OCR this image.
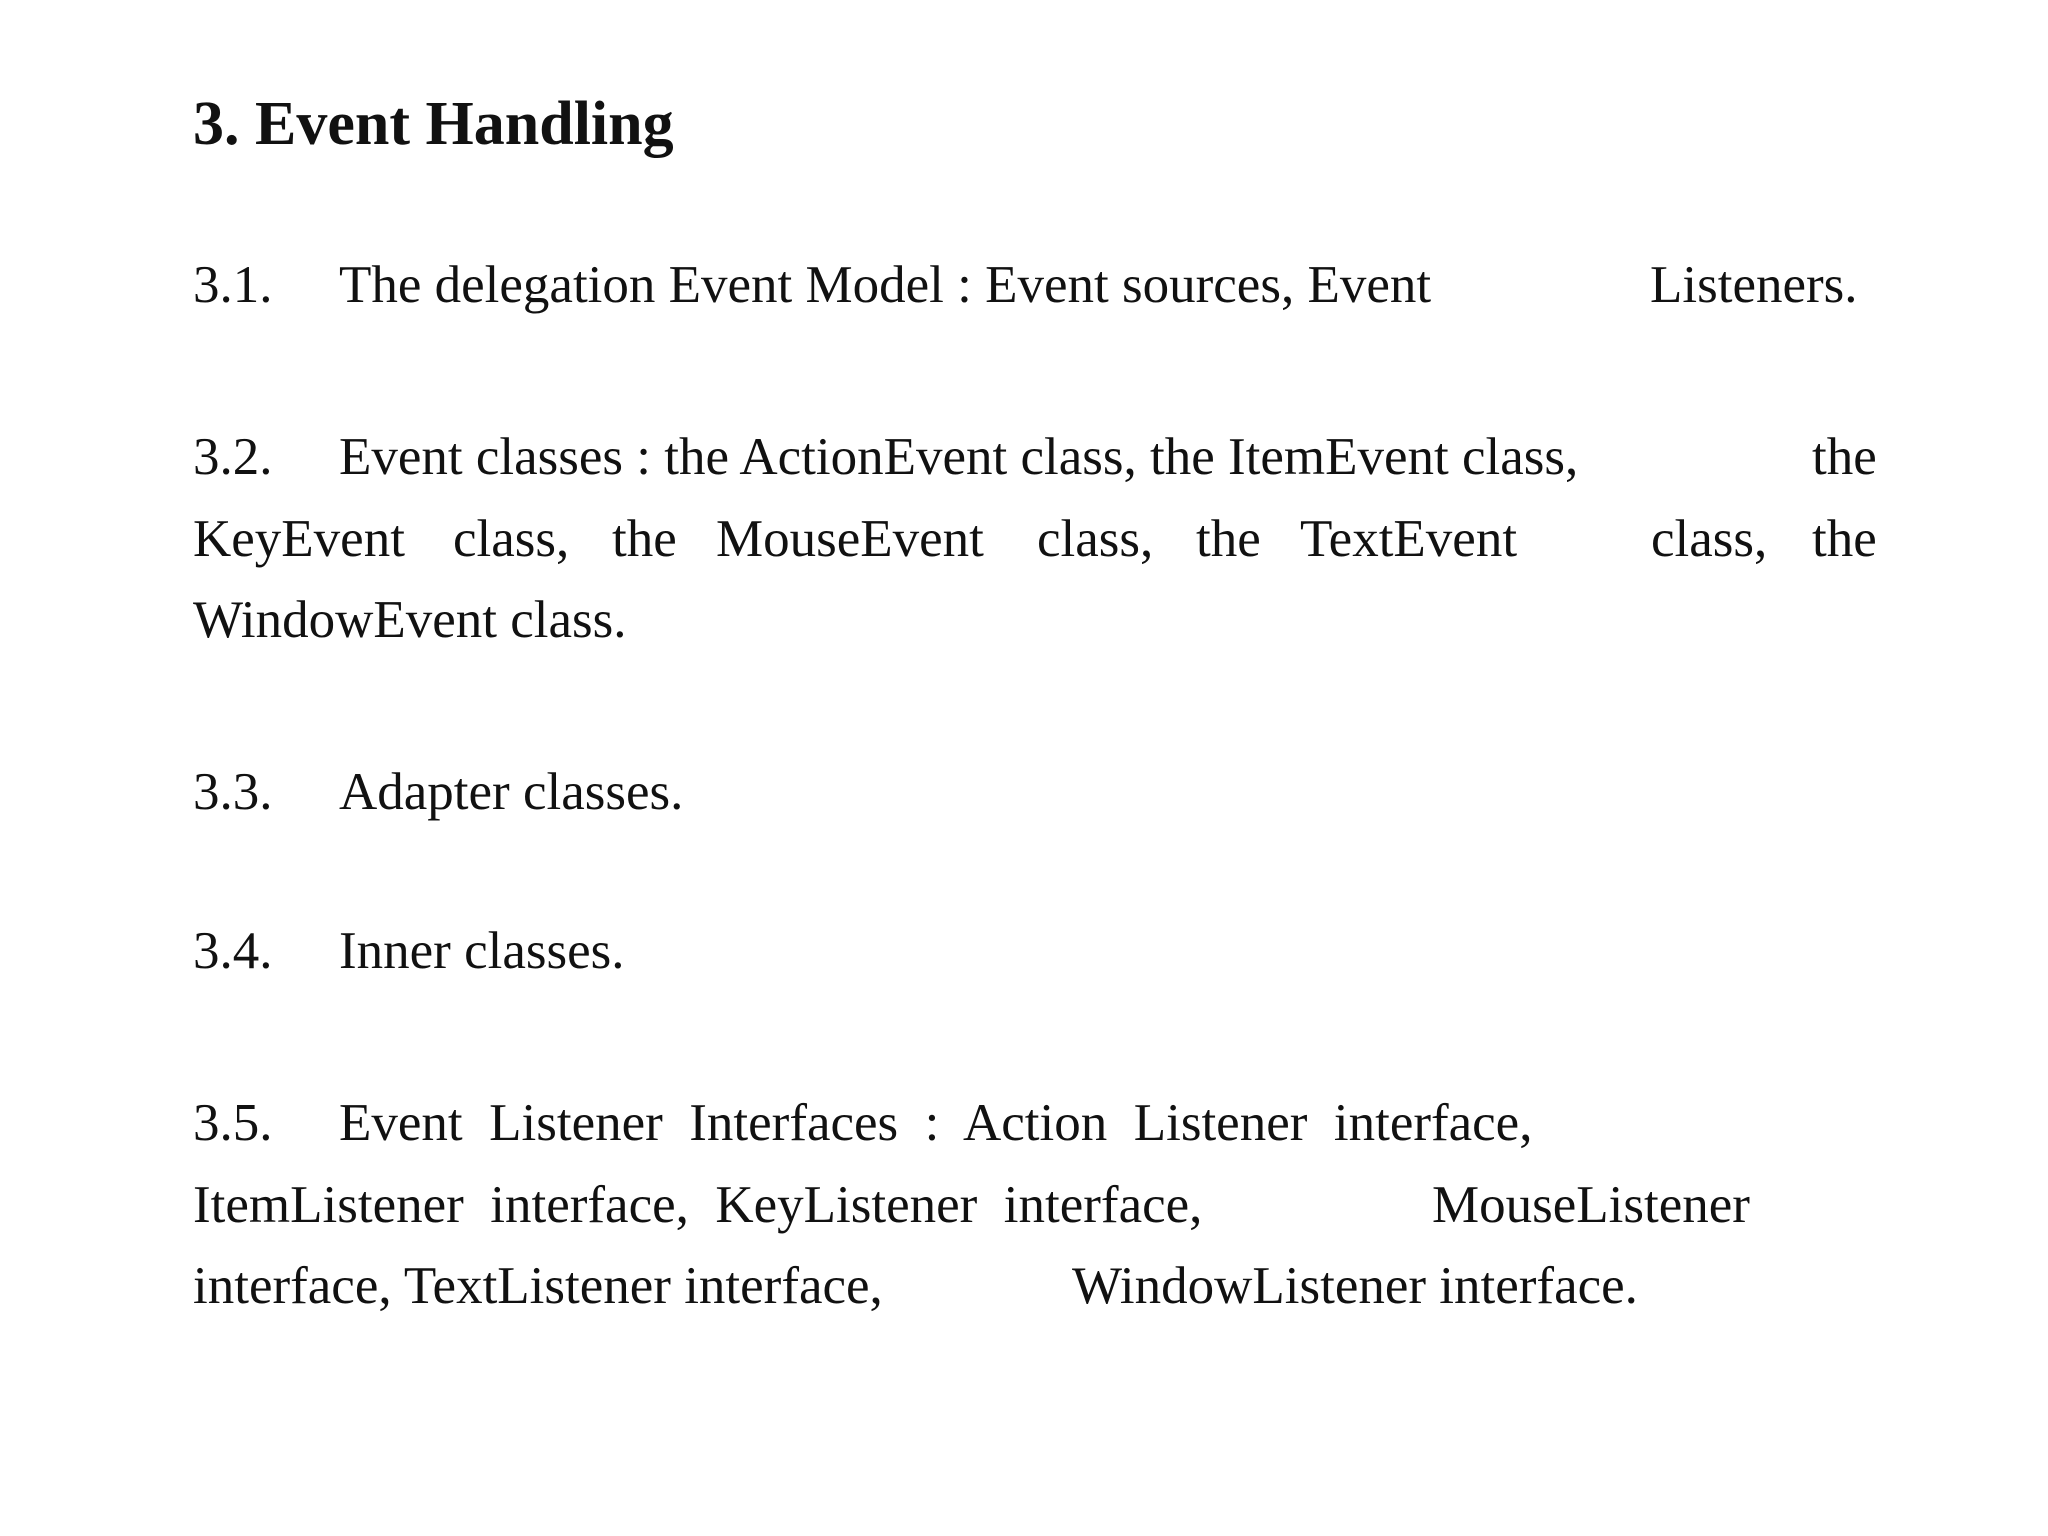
3. Event Handling
3.1. The delegation Event Model : Event sources, Event	Listeners.
3.2. Event classes : the ActionEvent class, the ItemEvent class,	the
KeyEvent class, the MouseEvent class, the TextEvent	class, the
WindowEvent class.
3.3. Adapter classes.
3.4. Inner classes.
3.5. Event  Listener  Interfaces  :  Action  Listener  interface,
ItemListener  interface,  KeyListener  interface,	MouseListener
interface, TextListener interface,	WindowListener interface.
